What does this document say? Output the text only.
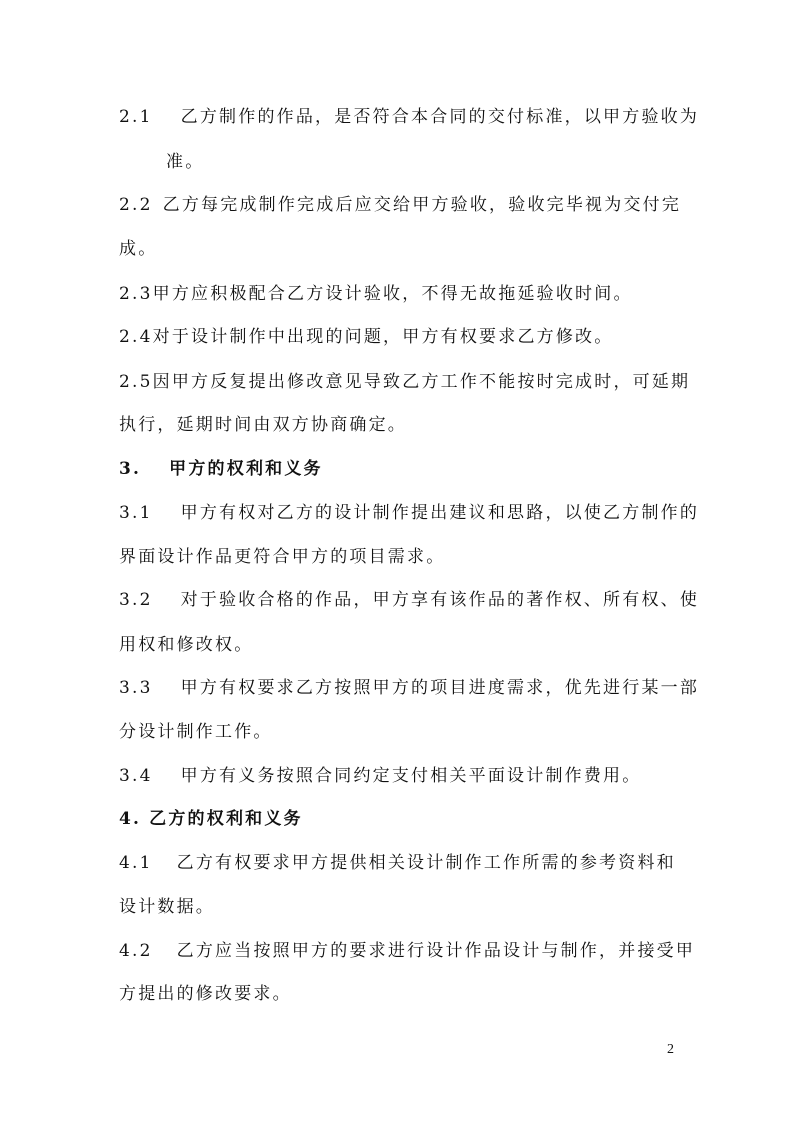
2.1 乙方制作的作品，是否符合本合同的交付标准，以甲方验收为
准。
2.2 乙方每完成制作完成后应交给甲方验收，验收完毕视为交付完
成。
2.3甲方应积极配合乙方设计验收，不得无故拖延验收时间。
2.4对于设计制作中出现的问题，甲方有权要求乙方修改。
2.5因甲方反复提出修改意见导致乙方工作不能按时完成时，可延期
执行，延期时间由双方协商确定。
3. 甲方的权利和义务
3.1 甲方有权对乙方的设计制作提出建议和思路，以使乙方制作的
界面设计作品更符合甲方的项目需求。
3.2 对于验收合格的作品，甲方享有该作品的著作权、所有权、使
用权和修改权。
3.3 甲方有权要求乙方按照甲方的项目进度需求，优先进行某一部
分设计制作工作。
3.4 甲方有义务按照合同约定支付相关平面设计制作费用。
4. 乙方的权利和义务
4.1 乙方有权要求甲方提供相关设计制作工作所需的参考资料和
设计数据。
4.2 乙方应当按照甲方的要求进行设计作品设计与制作，并接受甲
方提出的修改要求。
2
